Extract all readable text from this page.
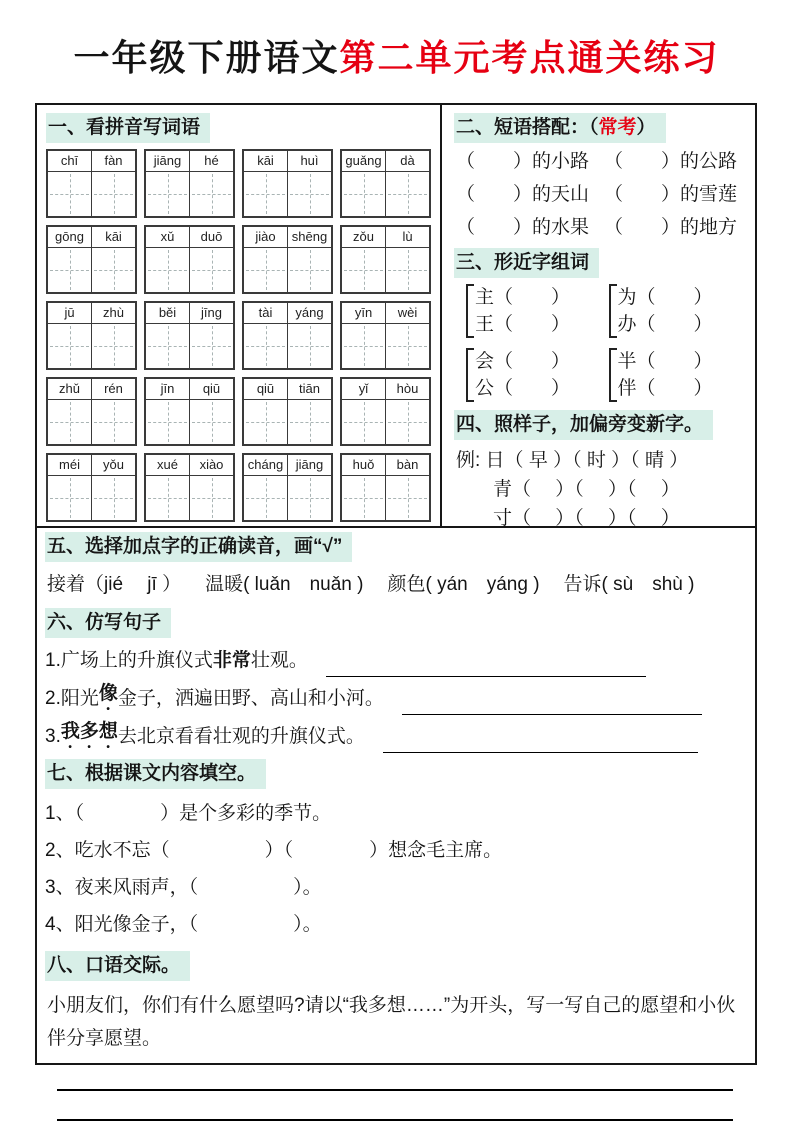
一年级下册语文第二单元考点通关练习
一、看拼音写词语
chī	fàn	jiāng	hé	kāi	huì	guǎng	dà
gōng	kāi	xǔ	duō	jiào	shēng	zǒu	lù
jū	zhù	běi	jīng	tài	yáng	yīn	wèi
zhǔ	rén	jīn	qiū	qiū	tiān	yǐ	hòu
méi	yǒu	xué	xiào	cháng jiāng	huǒ	bàn
二、短语搭配：（常考）
（　　）的小路 （　　）的公路
（　　）的天山 （　　）的雪莲
（　　）的水果 （　　）的地方
三、形近字组词
主（　　）
王（　　）
为（　　）
办（　　）
会（　　）
公（　　）
半（　　）
伴（　　）
四、照样子，加偏旁变新字。
例: 日（ 早 ）（ 时 ）（ 晴 ）
青（　 ）（　 ）（　 ）
寸（　 ）（　 ）（　 ）
五、选择加点字的正确读音，画“√”
接着（jié　 jī ） 温暖( luǎn　nuǎn ) 颜色( yán　yáng ) 告诉( sù　shù )
六、仿写句子
1.广场上的升旗仪式 非常 壮观。
2.阳光 像 金子，洒遍田野、高山和小河。
3. 我多想 去北京看看壮观的升旗仪式。
七、根据课文内容填空。
1、（　　　　）是个多彩的季节。
2、吃水不忘（　　　　　）（　　　　）想念毛主席。
3、夜来风雨声，（　　　　　）。
4、阳光像金子，（　　　　　）。
八、口语交际。
小朋友们，你们有什么愿望吗?请以“我多想……”为开头，写一写自己的愿望和小伙伴分享愿望。
